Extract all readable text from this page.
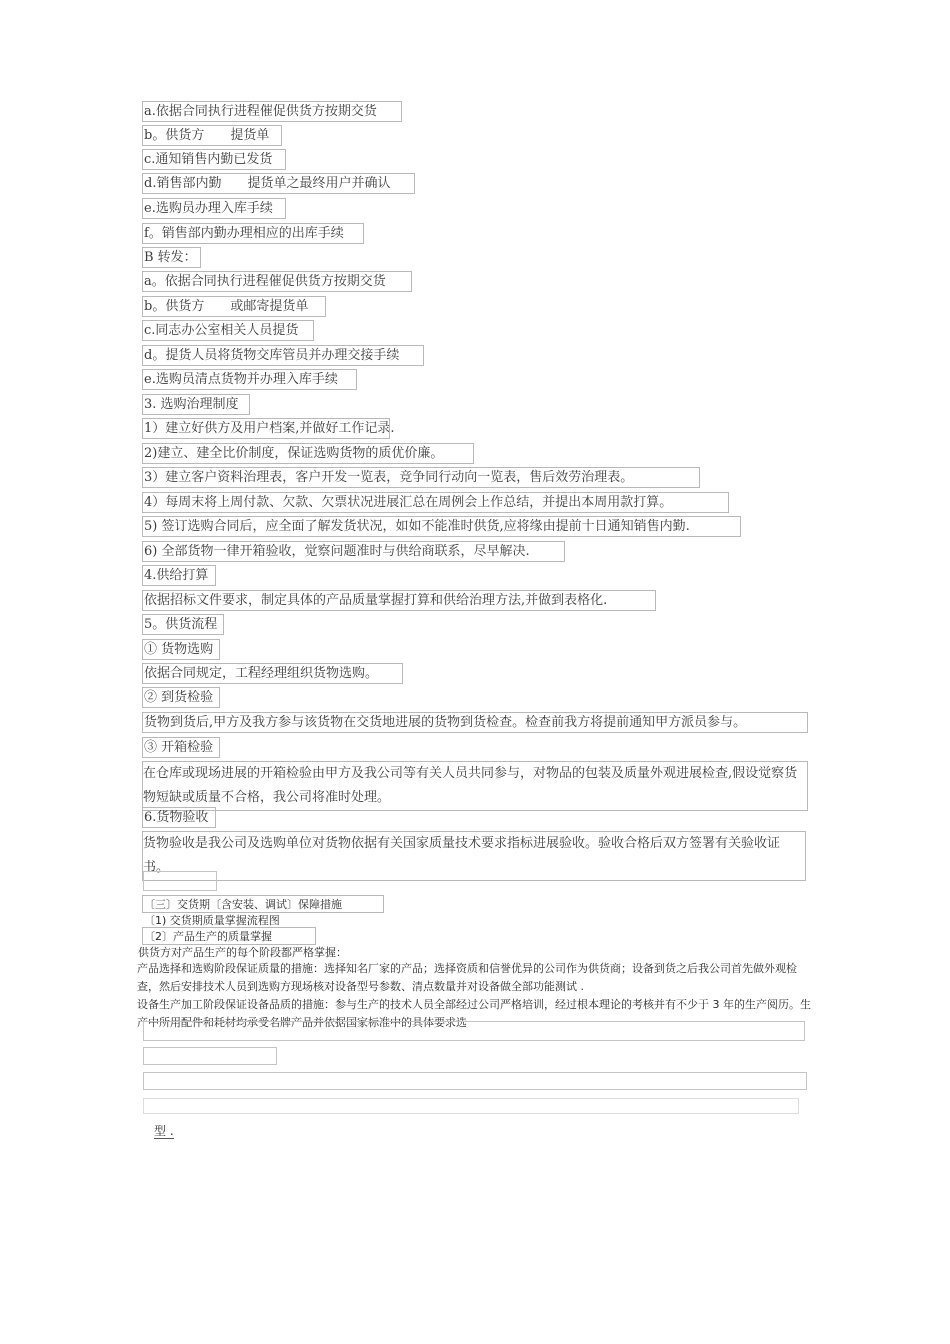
a.依据合同执行进程催促供货方按期交货
b。供货方　　提货单
c.通知销售内勤已发货
d.销售部内勤　　提货单之最终用户并确认
e.选购员办理入库手续
f。销售部内勤办理相应的出库手续
B 转发：
a。依据合同执行进程催促供货方按期交货
b。供货方　　或邮寄提货单
c.同志办公室相关人员提货
d。提货人员将货物交库管员并办理交接手续
e.选购员清点货物并办理入库手续
3. 选购治理制度
1）建立好供方及用户档案,并做好工作记录.
2)建立、建全比价制度，保证选购货物的质优价廉。
3）建立客户资料治理表，客户开发一览表，竞争同行动向一览表，售后效劳治理表。
4）每周末将上周付款、欠款、欠票状况进展汇总在周例会上作总结，并提出本周用款打算。
5) 签订选购合同后，应全面了解发货状况，如如不能准时供货,应将缘由提前十日通知销售内勤.
6) 全部货物一律开箱验收，觉察问题准时与供给商联系，尽早解决.
4.供给打算
依据招标文件要求，制定具体的产品质量掌握打算和供给治理方法,并做到表格化.
5。供货流程
① 货物选购
依据合同规定，工程经理组织货物选购。
② 到货检验
货物到货后,甲方及我方参与该货物在交货地进展的货物到货检查。检查前我方将提前通知甲方派员参与。
③ 开箱检验
在仓库或现场进展的开箱检验由甲方及我公司等有关人员共同参与，对物品的包装及质量外观进展检查,假设觉察货物短缺或质量不合格，我公司将准时处理。
6.货物验收
货物验收是我公司及选购单位对货物依据有关国家质量技术要求指标进展验收。验收合格后双方签署有关验收证书。
〔三〕交货期〔含安装、调试〕保障措施
〔1) 交货期质量掌握流程图
〔2〕产品生产的质量掌握
供货方对产品生产的每个阶段都严格掌握：
产品选择和选购阶段保证质量的措施：选择知名厂家的产品；选择资质和信誉优异的公司作为供货商；设备到货之后我公司首先做外观检查，然后安排技术人员到选购方现场核对设备型号参数、清点数量并对设备做全部功能测试 .
设备生产加工阶段保证设备品质的措施：参与生产的技术人员全部经过公司严格培训，经过根本理论的考核并有不少于 3 年的生产阅历。生产中所用配件和耗材均承受名牌产品并依据国家标准中的具体要求选
型 .
